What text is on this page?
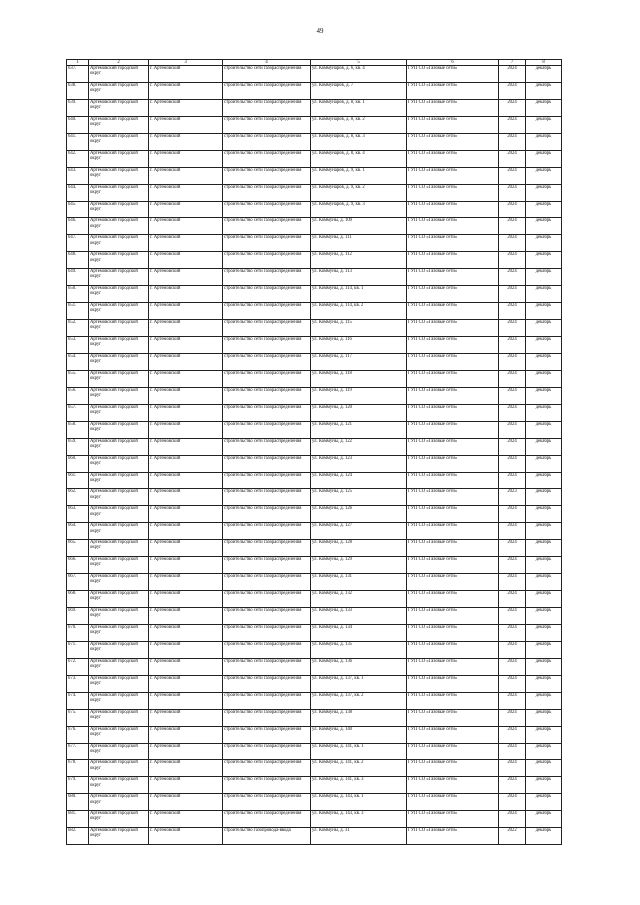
49
1	2	3	4	5	6	7	8
637.	Артемовский городской округ	г. Артемовский	строительство сети газораспределения	ул. Коммунаров, д. 6, кв. 4	ГУП СО «Газовые сети»	2024	декабрь
638.	Артемовский городской округ	г. Артемовский	строительство сети газораспределения	ул. Коммунаров, д. 7	ГУП СО «Газовые сети»	2024	декабрь
639.	Артемовский городской округ	г. Артемовский	строительство сети газораспределения	ул. Коммунаров, д. 8, кв. 1	ГУП СО «Газовые сети»	2024	декабрь
640.	Артемовский городской округ	г. Артемовский	строительство сети газораспределения	ул. Коммунаров, д. 8, кв. 2	ГУП СО «Газовые сети»	2024	декабрь
641.	Артемовский городской округ	г. Артемовский	строительство сети газораспределения	ул. Коммунаров, д. 8, кв. 3	ГУП СО «Газовые сети»	2024	декабрь
642.	Артемовский городской округ	г. Артемовский	строительство сети газораспределения	ул. Коммунаров, д. 8, кв. 4	ГУП СО «Газовые сети»	2024	декабрь
643.	Артемовский городской округ	г. Артемовский	строительство сети газораспределения	ул. Коммунаров, д. 9, кв. 1	ГУП СО «Газовые сети»	2024	декабрь
644.	Артемовский городской округ	г. Артемовский	строительство сети газораспределения	ул. Коммунаров, д. 9, кв. 2	ГУП СО «Газовые сети»	2024	декабрь
645.	Артемовский городской округ	г. Артемовский	строительство сети газораспределения	ул. Коммунаров, д. 9, кв. 3	ГУП СО «Газовые сети»	2024	декабрь
646.	Артемовский городской округ	г. Артемовский	строительство сети газораспределения	ул. Коммуны, д. 109	ГУП СО «Газовые сети»	2024	декабрь
647.	Артемовский городской округ	г. Артемовский	строительство сети газораспределения	ул. Коммуны, д. 111	ГУП СО «Газовые сети»	2024	декабрь
648.	Артемовский городской округ	г. Артемовский	строительство сети газораспределения	ул. Коммуны, д. 112	ГУП СО «Газовые сети»	2024	декабрь
649.	Артемовский городской округ	г. Артемовский	строительство сети газораспределения	ул. Коммуны, д. 113	ГУП СО «Газовые сети»	2024	декабрь
650.	Артемовский городской округ	г. Артемовский	строительство сети газораспределения	ул. Коммуны, д. 114, кв. 1	ГУП СО «Газовые сети»	2024	декабрь
651.	Артемовский городской округ	г. Артемовский	строительство сети газораспределения	ул. Коммуны, д. 114, кв. 2	ГУП СО «Газовые сети»	2024	декабрь
652.	Артемовский городской округ	г. Артемовский	строительство сети газораспределения	ул. Коммуны, д. 115	ГУП СО «Газовые сети»	2024	декабрь
653.	Артемовский городской округ	г. Артемовский	строительство сети газораспределения	ул. Коммуны, д. 116	ГУП СО «Газовые сети»	2024	декабрь
654.	Артемовский городской округ	г. Артемовский	строительство сети газораспределения	ул. Коммуны, д. 117	ГУП СО «Газовые сети»	2024	декабрь
655.	Артемовский городской округ	г. Артемовский	строительство сети газораспределения	ул. Коммуны, д. 118	ГУП СО «Газовые сети»	2024	декабрь
656.	Артемовский городской округ	г. Артемовский	строительство сети газораспределения	ул. Коммуны, д. 119	ГУП СО «Газовые сети»	2024	декабрь
657.	Артемовский городской округ	г. Артемовский	строительство сети газораспределения	ул. Коммуны, д. 120	ГУП СО «Газовые сети»	2024	декабрь
658.	Артемовский городской округ	г. Артемовский	строительство сети газораспределения	ул. Коммуны, д. 121	ГУП СО «Газовые сети»	2024	декабрь
659.	Артемовский городской округ	г. Артемовский	строительство сети газораспределения	ул. Коммуны, д. 122	ГУП СО «Газовые сети»	2024	декабрь
660.	Артемовский городской округ	г. Артемовский	строительство сети газораспределения	ул. Коммуны, д. 123	ГУП СО «Газовые сети»	2024	декабрь
661.	Артемовский городской округ	г. Артемовский	строительство сети газораспределения	ул. Коммуны, д. 124	ГУП СО «Газовые сети»	2024	декабрь
662.	Артемовский городской округ	г. Артемовский	строительство сети газораспределения	ул. Коммуны, д. 125	ГУП СО «Газовые сети»	2023	декабрь
663.	Артемовский городской округ	г. Артемовский	строительство сети газораспределения	ул. Коммуны, д. 126	ГУП СО «Газовые сети»	2024	декабрь
664.	Артемовский городской округ	г. Артемовский	строительство сети газораспределения	ул. Коммуны, д. 127	ГУП СО «Газовые сети»	2024	декабрь
665.	Артемовский городской округ	г. Артемовский	строительство сети газораспределения	ул. Коммуны, д. 128	ГУП СО «Газовые сети»	2024	декабрь
666.	Артемовский городской округ	г. Артемовский	строительство сети газораспределения	ул. Коммуны, д. 129	ГУП СО «Газовые сети»	2024	декабрь
667.	Артемовский городской округ	г. Артемовский	строительство сети газораспределения	ул. Коммуны, д. 131	ГУП СО «Газовые сети»	2024	декабрь
668.	Артемовский городской округ	г. Артемовский	строительство сети газораспределения	ул. Коммуны, д. 132	ГУП СО «Газовые сети»	2024	декабрь
669.	Артемовский городской округ	г. Артемовский	строительство сети газораспределения	ул. Коммуны, д. 133	ГУП СО «Газовые сети»	2024	декабрь
670.	Артемовский городской округ	г. Артемовский	строительство сети газораспределения	ул. Коммуны, д. 134	ГУП СО «Газовые сети»	2024	декабрь
671.	Артемовский городской округ	г. Артемовский	строительство сети газораспределения	ул. Коммуны, д. 135	ГУП СО «Газовые сети»	2024	декабрь
672.	Артемовский городской округ	г. Артемовский	строительство сети газораспределения	ул. Коммуны, д. 136	ГУП СО «Газовые сети»	2024	декабрь
673.	Артемовский городской округ	г. Артемовский	строительство сети газораспределения	ул. Коммуны, д. 137, кв. 1	ГУП СО «Газовые сети»	2024	декабрь
674.	Артемовский городской округ	г. Артемовский	строительство сети газораспределения	ул. Коммуны, д. 137, кв. 2	ГУП СО «Газовые сети»	2024	декабрь
675.	Артемовский городской округ	г. Артемовский	строительство сети газораспределения	ул. Коммуны, д. 138	ГУП СО «Газовые сети»	2024	декабрь
676.	Артемовский городской округ	г. Артемовский	строительство сети газораспределения	ул. Коммуны, д. 140	ГУП СО «Газовые сети»	2024	декабрь
677.	Артемовский городской округ	г. Артемовский	строительство сети газораспределения	ул. Коммуны, д. 141, кв. 1	ГУП СО «Газовые сети»	2024	декабрь
678.	Артемовский городской округ	г. Артемовский	строительство сети газораспределения	ул. Коммуны, д. 141, кв. 2	ГУП СО «Газовые сети»	2024	декабрь
679.	Артемовский городской округ	г. Артемовский	строительство сети газораспределения	ул. Коммуны, д. 141, кв. 3	ГУП СО «Газовые сети»	2024	декабрь
680.	Артемовский городской округ	г. Артемовский	строительство сети газораспределения	ул. Коммуны, д. 143, кв. 1	ГУП СО «Газовые сети»	2024	декабрь
681.	Артемовский городской округ	г. Артемовский	строительство сети газораспределения	ул. Коммуны, д. 143, кв. 3	ГУП СО «Газовые сети»	2024	декабрь
682.	Артемовский городской округ	г. Артемовский	строительство газопровода-ввода	ул. Коммуны, д. 31	ГУП СО «Газовые сети»	2022	декабрь
